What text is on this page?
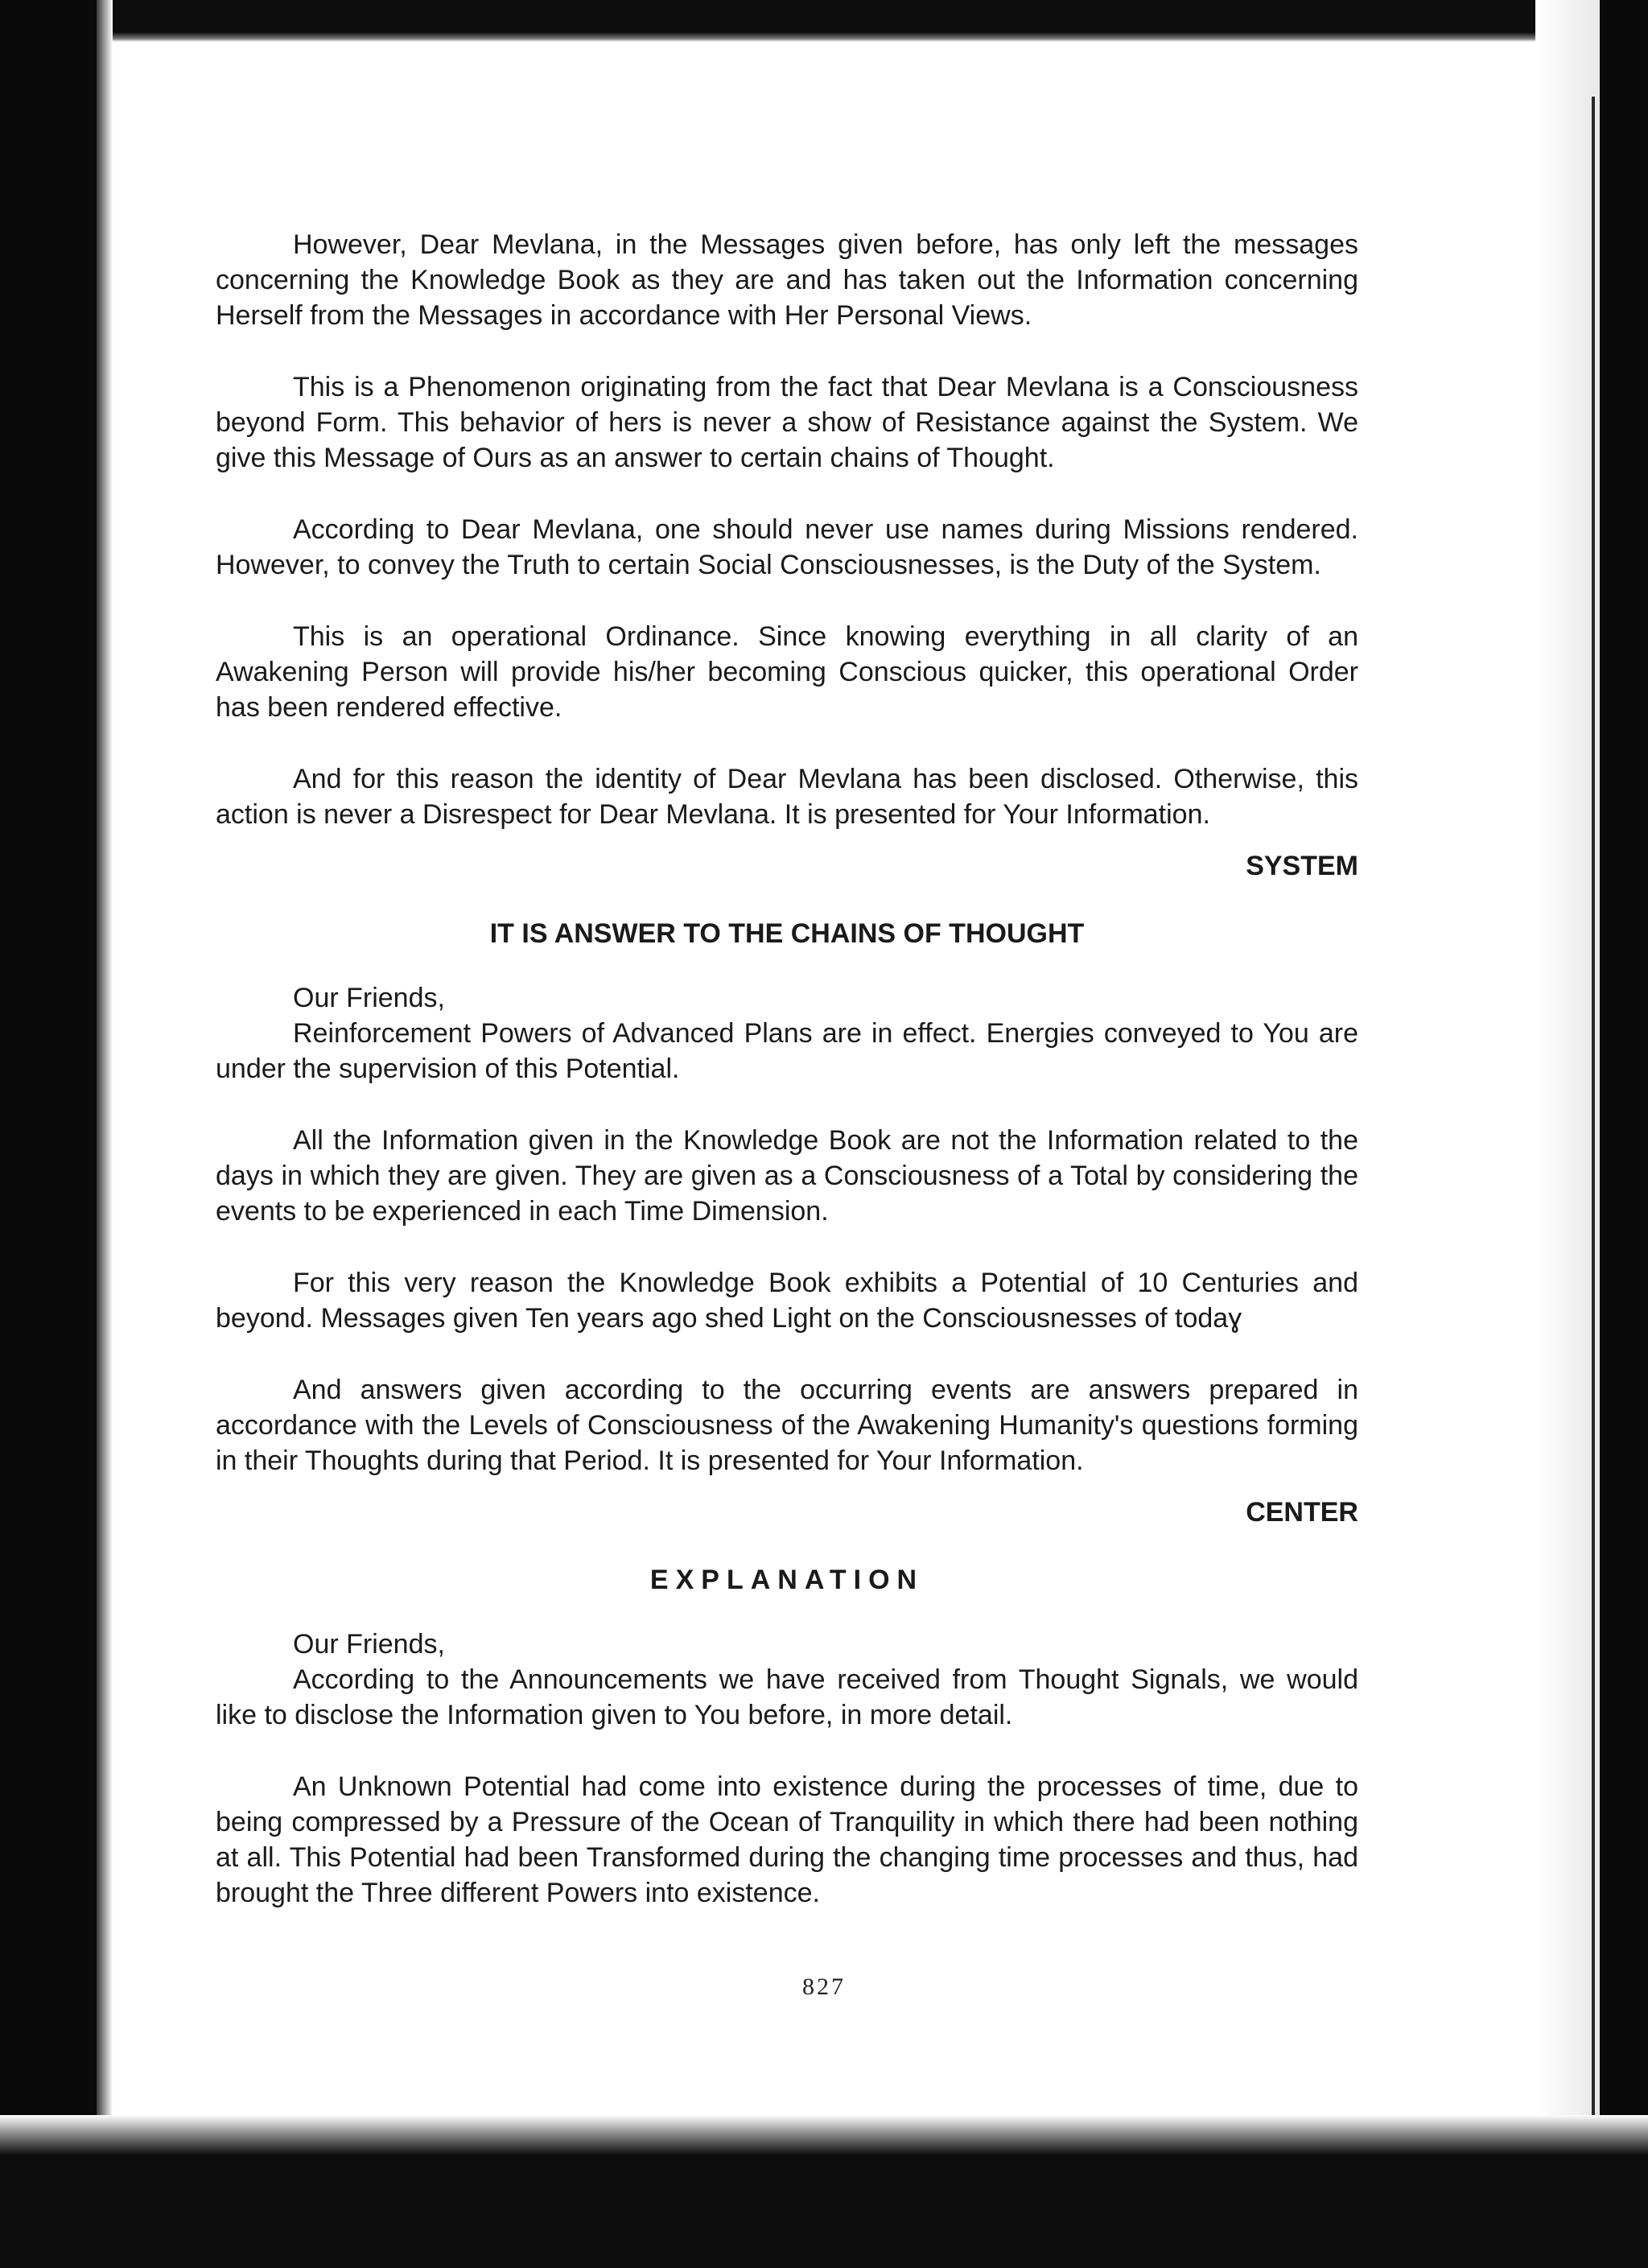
However, Dear Mevlana, in the Messages given before, has only left the messages concerning the Knowledge Book as they are and has taken out the Information concerning Herself from the Messages in accordance with Her Personal Views.

This is a Phenomenon originating from the fact that Dear Mevlana is a Consciousness beyond Form. This behavior of hers is never a show of Resistance against the System. We give this Message of Ours as an answer to certain chains of Thought.

According to Dear Mevlana, one should never use names during Missions rendered. However, to convey the Truth to certain Social Consciousnesses, is the Duty of the System.

This is an operational Ordinance. Since knowing everything in all clarity of an Awakening Person will provide his/her becoming Conscious quicker, this operational Order has been rendered effective.

And for this reason the identity of Dear Mevlana has been disclosed. Otherwise, this action is never a Disrespect for Dear Mevlana. It is presented for Your Information.

SYSTEM
IT IS ANSWER TO THE CHAINS OF THOUGHT

Our Friends,

Reinforcement Powers of Advanced Plans are in effect. Energies conveyed to You are under the supervision of this Potential.

All the Information given in the Knowledge Book are not the Information related to the days in which they are given. They are given as a Consciousness of a Total by considering the events to be experienced in each Time Dimension.

For this very reason the Knowledge Book exhibits a Potential of 10 Centuries and beyond. Messages given Ten years ago shed Light on the Consciousnesses of todaɣ

And answers given according to the occurring events are answers prepared in accordance with the Levels of Consciousness of the Awakening Humanity's questions forming in their Thoughts during that Period. It is presented for Your Information.

CENTER
EXPLANATION

Our Friends,

According to the Announcements we have received from Thought Signals, we would like to disclose the Information given to You before, in more detail.

An Unknown Potential had come into existence during the processes of time, due to being compressed by a Pressure of the Ocean of Tranquility in which there had been nothing at all. This Potential had been Transformed during the changing time processes and thus, had brought the Three different Powers into existence.

827
